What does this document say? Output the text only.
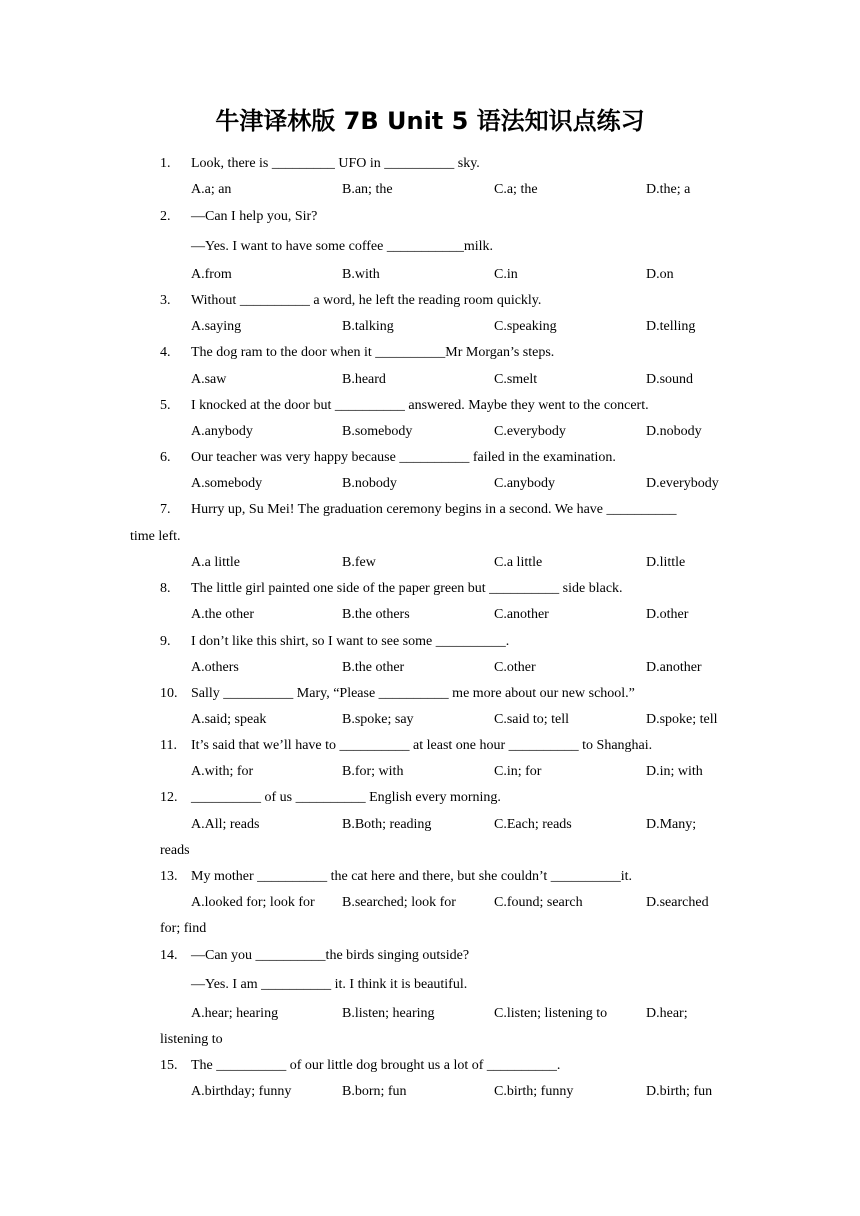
牛津译林版 7B Unit 5 语法知识点练习
1. Look, there is _________ UFO in __________ sky.
A.a; an	B.an; the	C.a; the	D.the; a
2. —Can I help you, Sir?
—Yes. I want to have some coffee ___________milk.
A.from	B.with	C.in	D.on
3. Without __________ a word, he left the reading room quickly.
A.saying	B.talking	C.speaking	D.telling
4. The dog ram to the door when it __________Mr Morgan’s steps.
A.saw	B.heard	C.smelt	D.sound
5. I knocked at the door but __________ answered. Maybe they went to the concert.
A.anybody	B.somebody	C.everybody	D.nobody
6. Our teacher was very happy because __________ failed in the examination.
A.somebody	B.nobody	C.anybody	D.everybody
7. Hurry up, Su Mei! The graduation ceremony begins in a second. We have __________
time left.
A.a little	B.few	C.a little	D.little
8. The little girl painted one side of the paper green but __________ side black.
A.the other	B.the others	C.another	D.other
9. I don’t like this shirt, so I want to see some __________.
A.others	B.the other	C.other	D.another
10. Sally __________ Mary, “Please __________ me more about our new school.”
A.said; speak	B.spoke; say	C.said to; tell	D.spoke; tell
11. It’s said that we’ll have to __________ at least one hour __________ to Shanghai.
A.with; for	B.for; with	C.in; for	D.in; with
12. __________ of us __________ English every morning.
A.All; reads	B.Both; reading	C.Each; reads	D.Many;
reads
13. My mother __________ the cat here and there, but she couldn’t __________it.
A.looked for; look for B.searched; look for	C.found; search	D.searched
for; find
14. —Can you __________the birds singing outside?
—Yes. I am __________ it. I think it is beautiful.
A.hear; hearing	B.listen; hearing	C.listen; listening to	D.hear;
listening to
15. The __________ of our little dog brought us a lot of __________.
A.birthday; funny	B.born; fun	C.birth; funny	D.birth; fun
